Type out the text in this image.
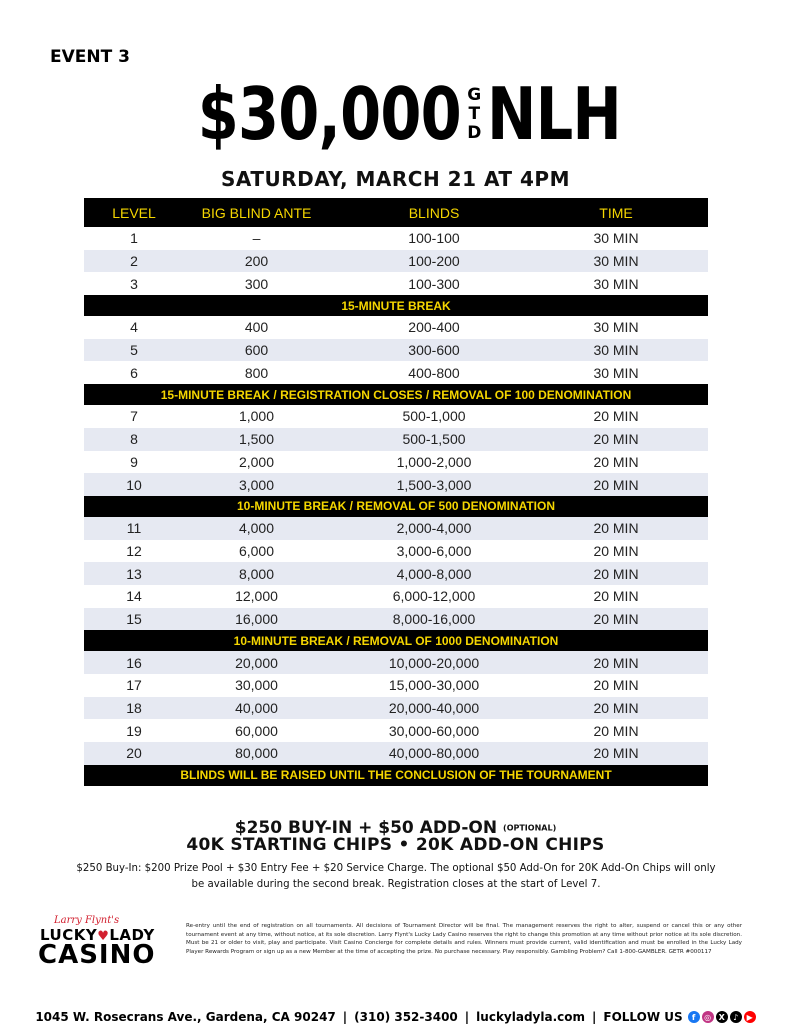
EVENT 3
$30,000 G
T
D NLH
SATURDAY, MARCH 21 AT 4PM
LEVEL	BIG BLIND ANTE	BLINDS	TIME
1	–	100-100	30 MIN
2	200	100-200	30 MIN
3	300	100-300	30 MIN
15-MINUTE BREAK
4	400	200-400	30 MIN
5	600	300-600	30 MIN
6	800	400-800	30 MIN
15-MINUTE BREAK / REGISTRATION CLOSES / REMOVAL OF 100 DENOMINATION
7	1,000	500-1,000	20 MIN
8	1,500	500-1,500	20 MIN
9	2,000	1,000-2,000	20 MIN
10	3,000	1,500-3,000	20 MIN
10-MINUTE BREAK / REMOVAL OF 500 DENOMINATION
11	4,000	2,000-4,000	20 MIN
12	6,000	3,000-6,000	20 MIN
13	8,000	4,000-8,000	20 MIN
14	12,000	6,000-12,000	20 MIN
15	16,000	8,000-16,000	20 MIN
10-MINUTE BREAK / REMOVAL OF 1000 DENOMINATION
16	20,000	10,000-20,000	20 MIN
17	30,000	15,000-30,000	20 MIN
18	40,000	20,000-40,000	20 MIN
19	60,000	30,000-60,000	20 MIN
20	80,000	40,000-80,000	20 MIN
BLINDS WILL BE RAISED UNTIL THE CONCLUSION OF THE TOURNAMENT
$250 BUY-IN + $50 ADD-ON (OPTIONAL)
40K STARTING CHIPS • 20K ADD-ON CHIPS
$250 Buy-In: $200 Prize Pool + $30 Entry Fee + $20 Service Charge. The optional $50 Add-On for 20K Add-On Chips will only be available during the second break. Registration closes at the start of Level 7.
Larry Flynt's
LUCKY♥LADY
CASINO
Re-entry until the end of registration on all tournaments. All decisions of Tournament Director will be final. The management reserves the right to alter, suspend or cancel this or any other tournament event at any time, without notice, at its sole discretion. Larry Flynt's Lucky Lady Casino reserves the right to change this promotion at any time without prior notice at its sole discretion. Must be 21 or older to visit, play and participate. Visit Casino Concierge for complete details and rules. Winners must provide current, valid identification and must be enrolled in the Lucky Lady Player Rewards Program or sign up as a new Member at the time of accepting the prize. No purchase necessary. Play responsibly. Gambling Problem? Call 1-800-GAMBLER. GETR #000117
1045 W. Rosecrans Ave., Gardena, CA 90247 | (310) 352-3400 | luckyladyla.com | FOLLOW US	f	◎ X	♪	▶
